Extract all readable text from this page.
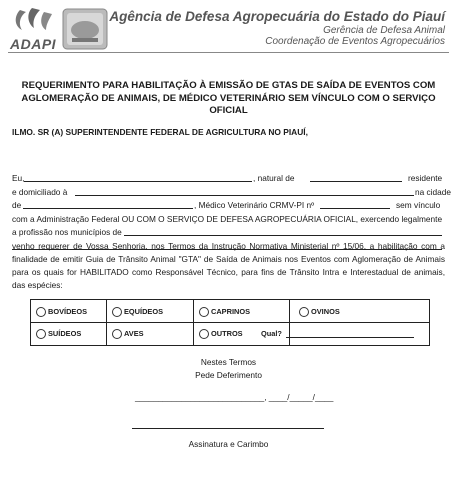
ADAPI
Agência de Defesa Agropecuária do Estado do Piauí
Gerência de Defesa Animal
Coordenação de Eventos Agropecuários
REQUERIMENTO PARA HABILITAÇÃO À EMISSÃO DE GTAS DE SAÍDA DE EVENTOS COM
AGLOMERAÇÃO DE ANIMAIS, DE MÉDICO VETERINÁRIO SEM VÍNCULO COM O SERVIÇO OFICIAL
ILMO. SR (A) SUPERINTENDENTE FEDERAL DE AGRICULTURA NO PIAUÍ,
Eu,	, natural de	residente
e domiciliado à	na cidade
de	, Médico Veterinário CRMV-PI nº	sem vínculo
com a Administração Federal OU COM O SERVIÇO DE DEFESA AGROPECUÁRIA OFICIAL, exercendo legalmente
a profissão nos municípios de
venho requerer de Vossa Senhoria, nos Termos da Instrução Normativa Ministerial nº 15/06, a habilitação com a finalidade de emitir Guia de Trânsito Animal "GTA" de Saída de Animais nos Eventos com Aglomeração de Animais para os quais for HABILITADO como Responsável Técnico, para fins de Trânsito Intra e Interestadual de animais, das espécies:
BOVÍDEOS	EQUÍDEOS	CAPRINOS	OVINOS
SUÍDEOS	AVES	OUTROS Qual?
Nestes Termos
Pede Deferimento
____________________________, ____/_____/____
Assinatura e Carimbo
